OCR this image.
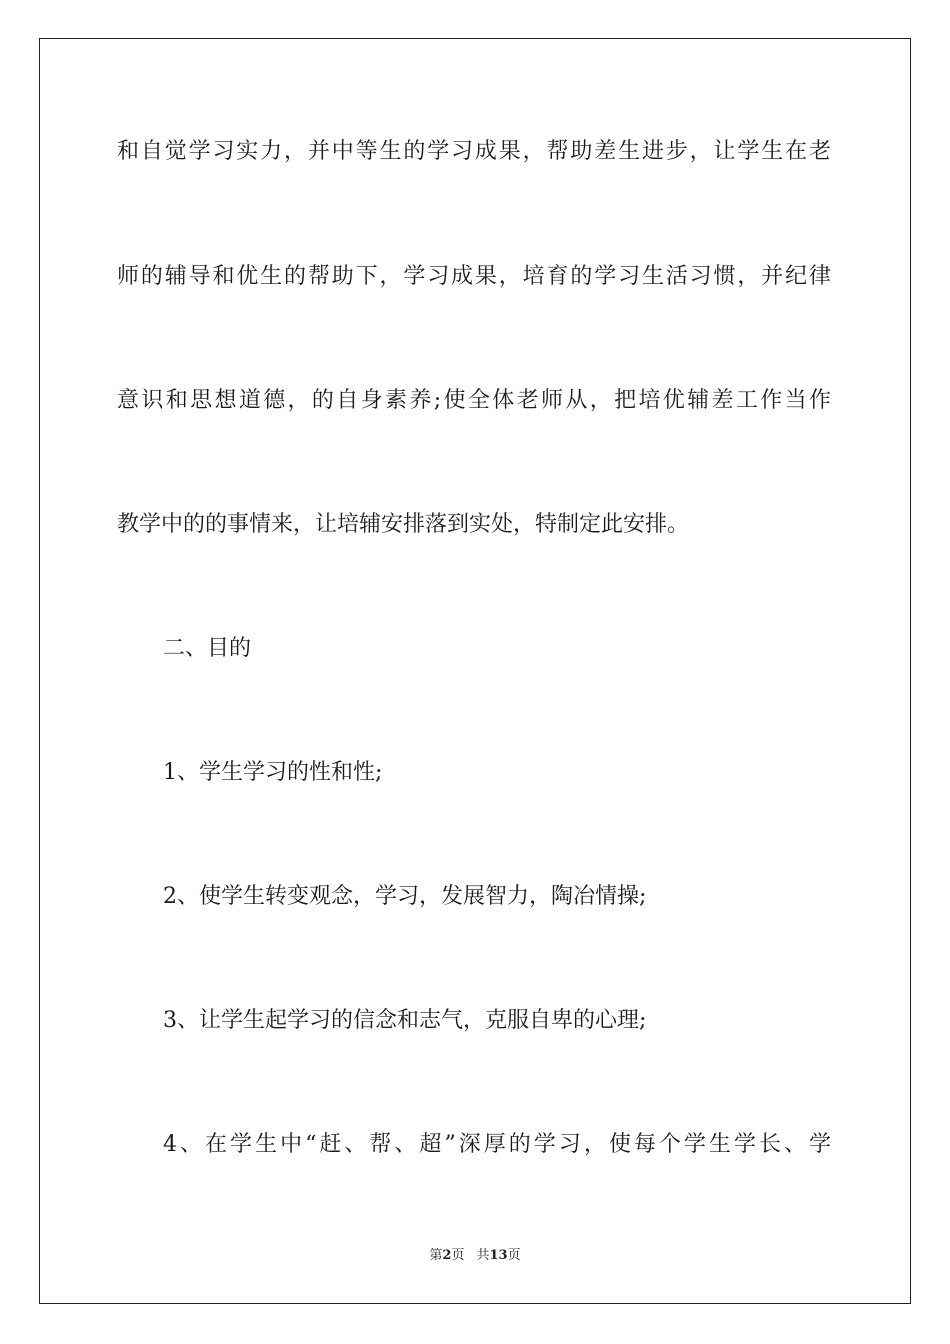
和自觉学习实力，并中等生的学习成果，帮助差生进步，让学生在老
师的辅导和优生的帮助下，学习成果，培育的学习生活习惯，并纪律
意识和思想道德，的自身素养;使全体老师从，把培优辅差工作当作
教学中的的事情来，让培辅安排落到实处，特制定此安排。
二、目的
1、学生学习的性和性;
2、使学生转变观念，学习，发展智力，陶冶情操;
3、让学生起学习的信念和志气，克服自卑的心理;
4、在学生中“赶、帮、超”深厚的学习，使每个学生学长、学
第2页 共13页
